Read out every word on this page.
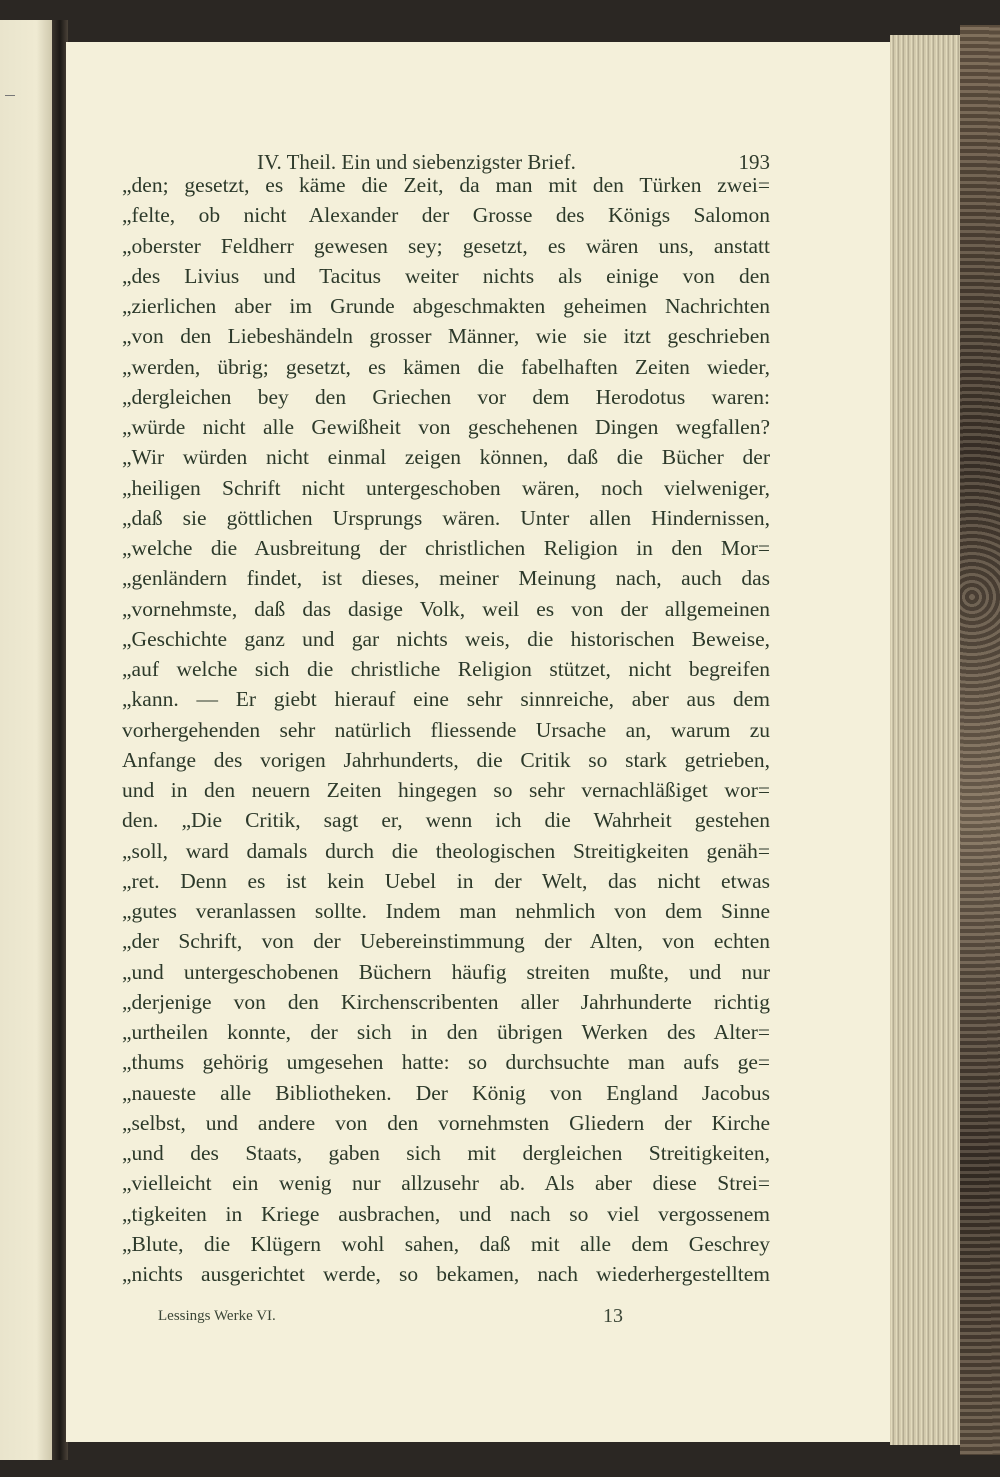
IV. Theil. Ein und siebenzigster Brief.	193
„den; gesetzt, es käme die Zeit, da man mit den Türken zwei=
„felte, ob nicht Alexander der Grosse des Königs Salomon
„oberster Feldherr gewesen sey; gesetzt, es wären uns, anstatt
„des Livius und Tacitus weiter nichts als einige von den
„zierlichen aber im Grunde abgeschmakten geheimen Nachrichten
„von den Liebeshändeln grosser Männer, wie sie itzt geschrieben
„werden, übrig; gesetzt, es kämen die fabelhaften Zeiten wieder,
„dergleichen bey den Griechen vor dem Herodotus waren:
„würde nicht alle Gewißheit von geschehenen Dingen wegfallen?
„Wir würden nicht einmal zeigen können, daß die Bücher der
„heiligen Schrift nicht untergeschoben wären, noch vielweniger,
„daß sie göttlichen Ursprungs wären. Unter allen Hindernissen,
„welche die Ausbreitung der christlichen Religion in den Mor=
„genländern findet, ist dieses, meiner Meinung nach, auch das
„vornehmste, daß das dasige Volk, weil es von der allgemeinen
„Geschichte ganz und gar nichts weis, die historischen Beweise,
„auf welche sich die christliche Religion stützet, nicht begreifen
„kann. — Er giebt hierauf eine sehr sinnreiche, aber aus dem
vorhergehenden sehr natürlich fliessende Ursache an, warum zu
Anfange des vorigen Jahrhunderts, die Critik so stark getrieben,
und in den neuern Zeiten hingegen so sehr vernachläßiget wor=
den. „Die Critik, sagt er, wenn ich die Wahrheit gestehen
„soll, ward damals durch die theologischen Streitigkeiten genäh=
„ret. Denn es ist kein Uebel in der Welt, das nicht etwas
„gutes veranlassen sollte. Indem man nehmlich von dem Sinne
„der Schrift, von der Uebereinstimmung der Alten, von echten
„und untergeschobenen Büchern häufig streiten mußte, und nur
„derjenige von den Kirchenscribenten aller Jahrhunderte richtig
„urtheilen konnte, der sich in den übrigen Werken des Alter=
„thums gehörig umgesehen hatte: so durchsuchte man aufs ge=
„naueste alle Bibliotheken. Der König von England Jacobus
„selbst, und andere von den vornehmsten Gliedern der Kirche
„und des Staats, gaben sich mit dergleichen Streitigkeiten,
„vielleicht ein wenig nur allzusehr ab. Als aber diese Strei=
„tigkeiten in Kriege ausbrachen, und nach so viel vergossenem
„Blute, die Klügern wohl sahen, daß mit alle dem Geschrey
„nichts ausgerichtet werde, so bekamen, nach wiederhergestelltem
Lessings Werke VI.	13
